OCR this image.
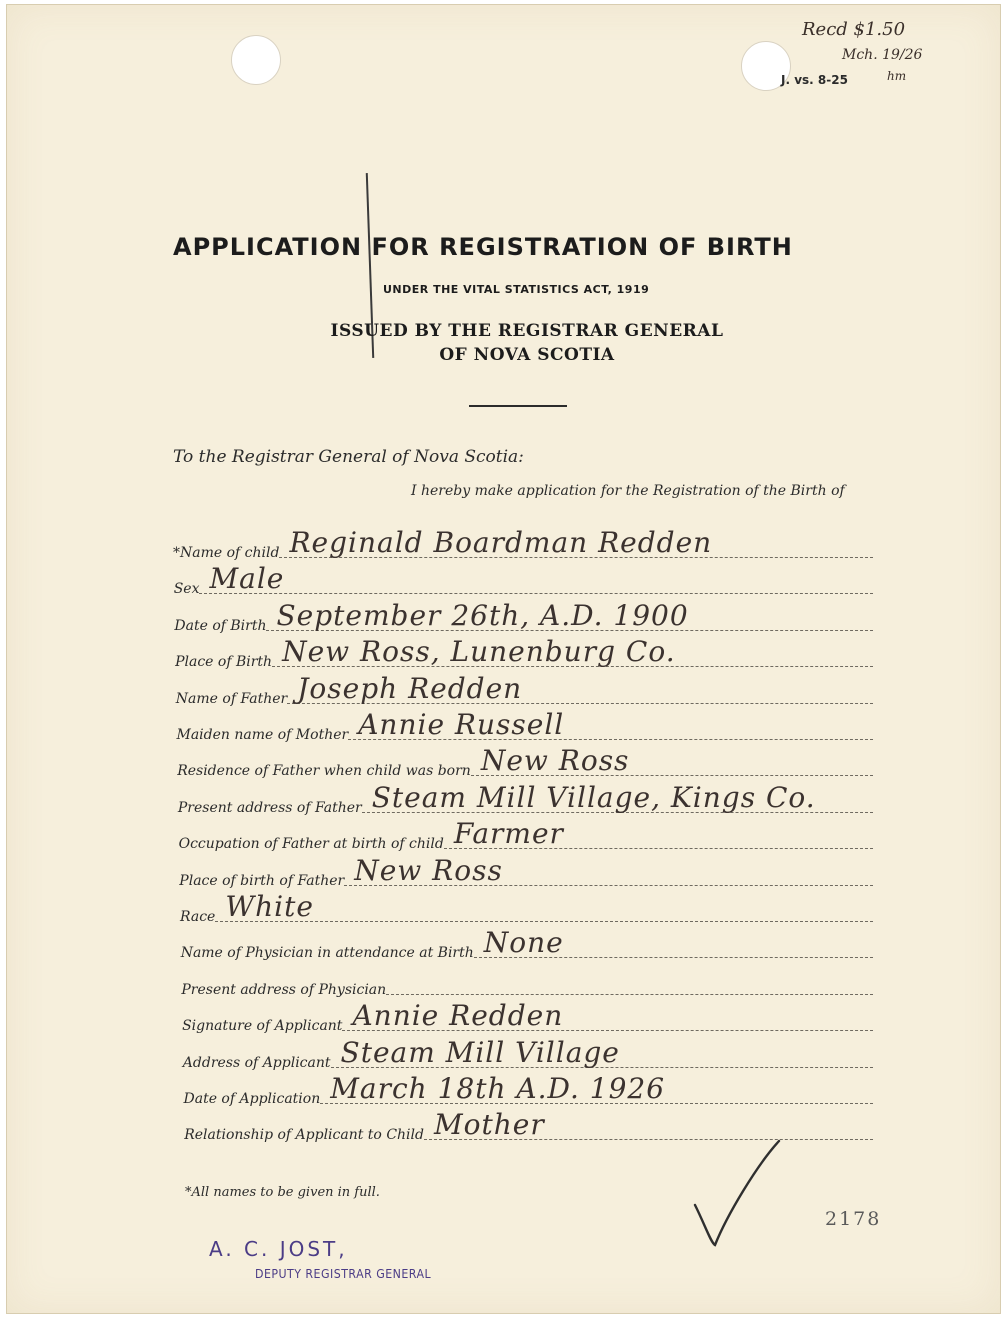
Recd $1.50
Mch. 19/26
J. vs. 8-25	hm
APPLICATION FOR REGISTRATION OF BIRTH
UNDER THE VITAL STATISTICS ACT, 1919
ISSUED BY THE REGISTRAR GENERAL
OF NOVA SCOTIA
To the Registrar General of Nova Scotia:
I hereby make application for the Registration of the Birth of
*Name of child Reginald Boardman Redden
Sex Male
Date of Birth September 26th, A.D. 1900
Place of Birth New Ross, Lunenburg Co.
Name of Father Joseph Redden
Maiden name of Mother Annie Russell
Residence of Father when child was born New Ross
Present address of Father Steam Mill Village, Kings Co.
Occupation of Father at birth of child Farmer
Place of birth of Father New Ross
Race White
Name of Physician in attendance at Birth None
Present address of Physician
Signature of Applicant Annie Redden
Address of Applicant Steam Mill Village
Date of Application March 18th A.D. 1926
Relationship of Applicant to Child Mother
*All names to be given in full.
2178
A. C. JOST,
DEPUTY REGISTRAR GENERAL
